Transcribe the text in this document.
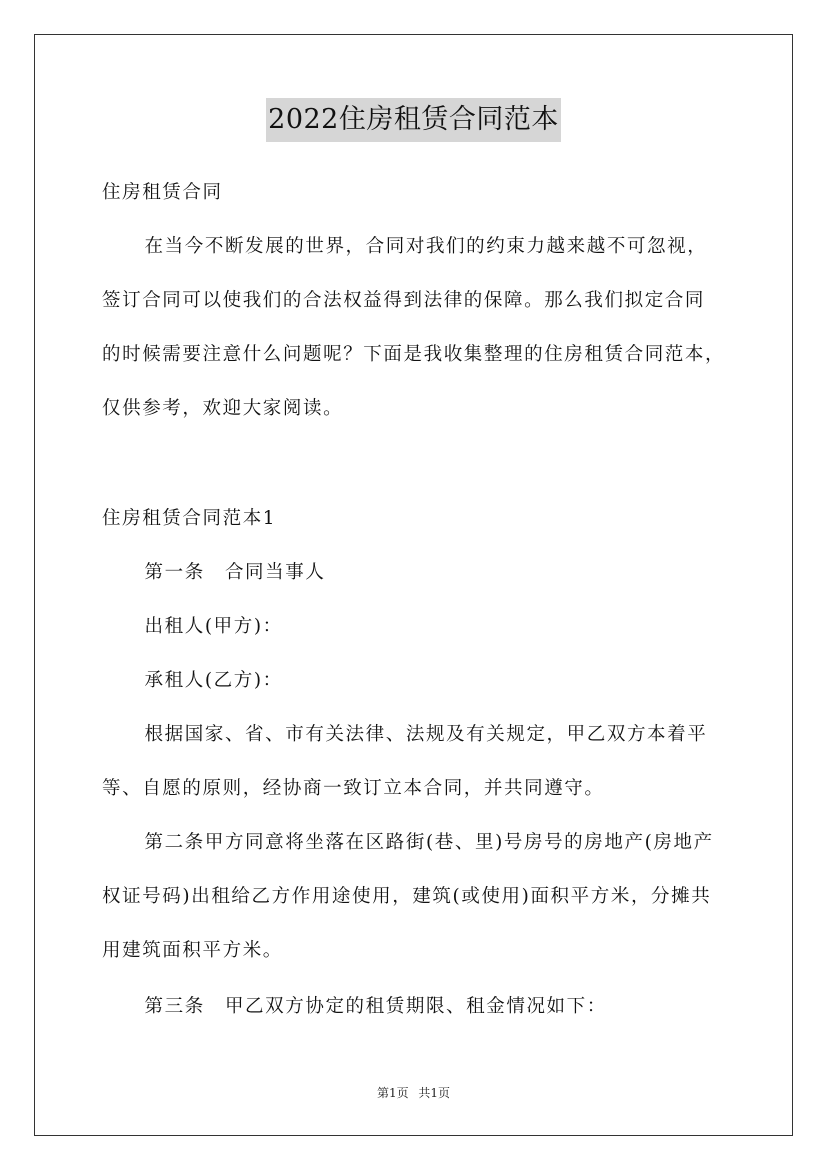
2022住房租赁合同范本

住房租赁合同

在当今不断发展的世界，合同对我们的约束力越来越不可忽视，

签订合同可以使我们的合法权益得到法律的保障。那么我们拟定合同

的时候需要注意什么问题呢？下面是我收集整理的住房租赁合同范本，

仅供参考，欢迎大家阅读。

住房租赁合同范本1

第一条　合同当事人

出租人(甲方)：

承租人(乙方)：

根据国家、省、市有关法律、法规及有关规定，甲乙双方本着平

等、自愿的原则，经协商一致订立本合同，并共同遵守。

第二条甲方同意将坐落在区路街(巷、里)号房号的房地产(房地产

权证号码)出租给乙方作用途使用，建筑(或使用)面积平方米，分摊共

用建筑面积平方米。

第三条　甲乙双方协定的租赁期限、租金情况如下：

第1页 共1页
